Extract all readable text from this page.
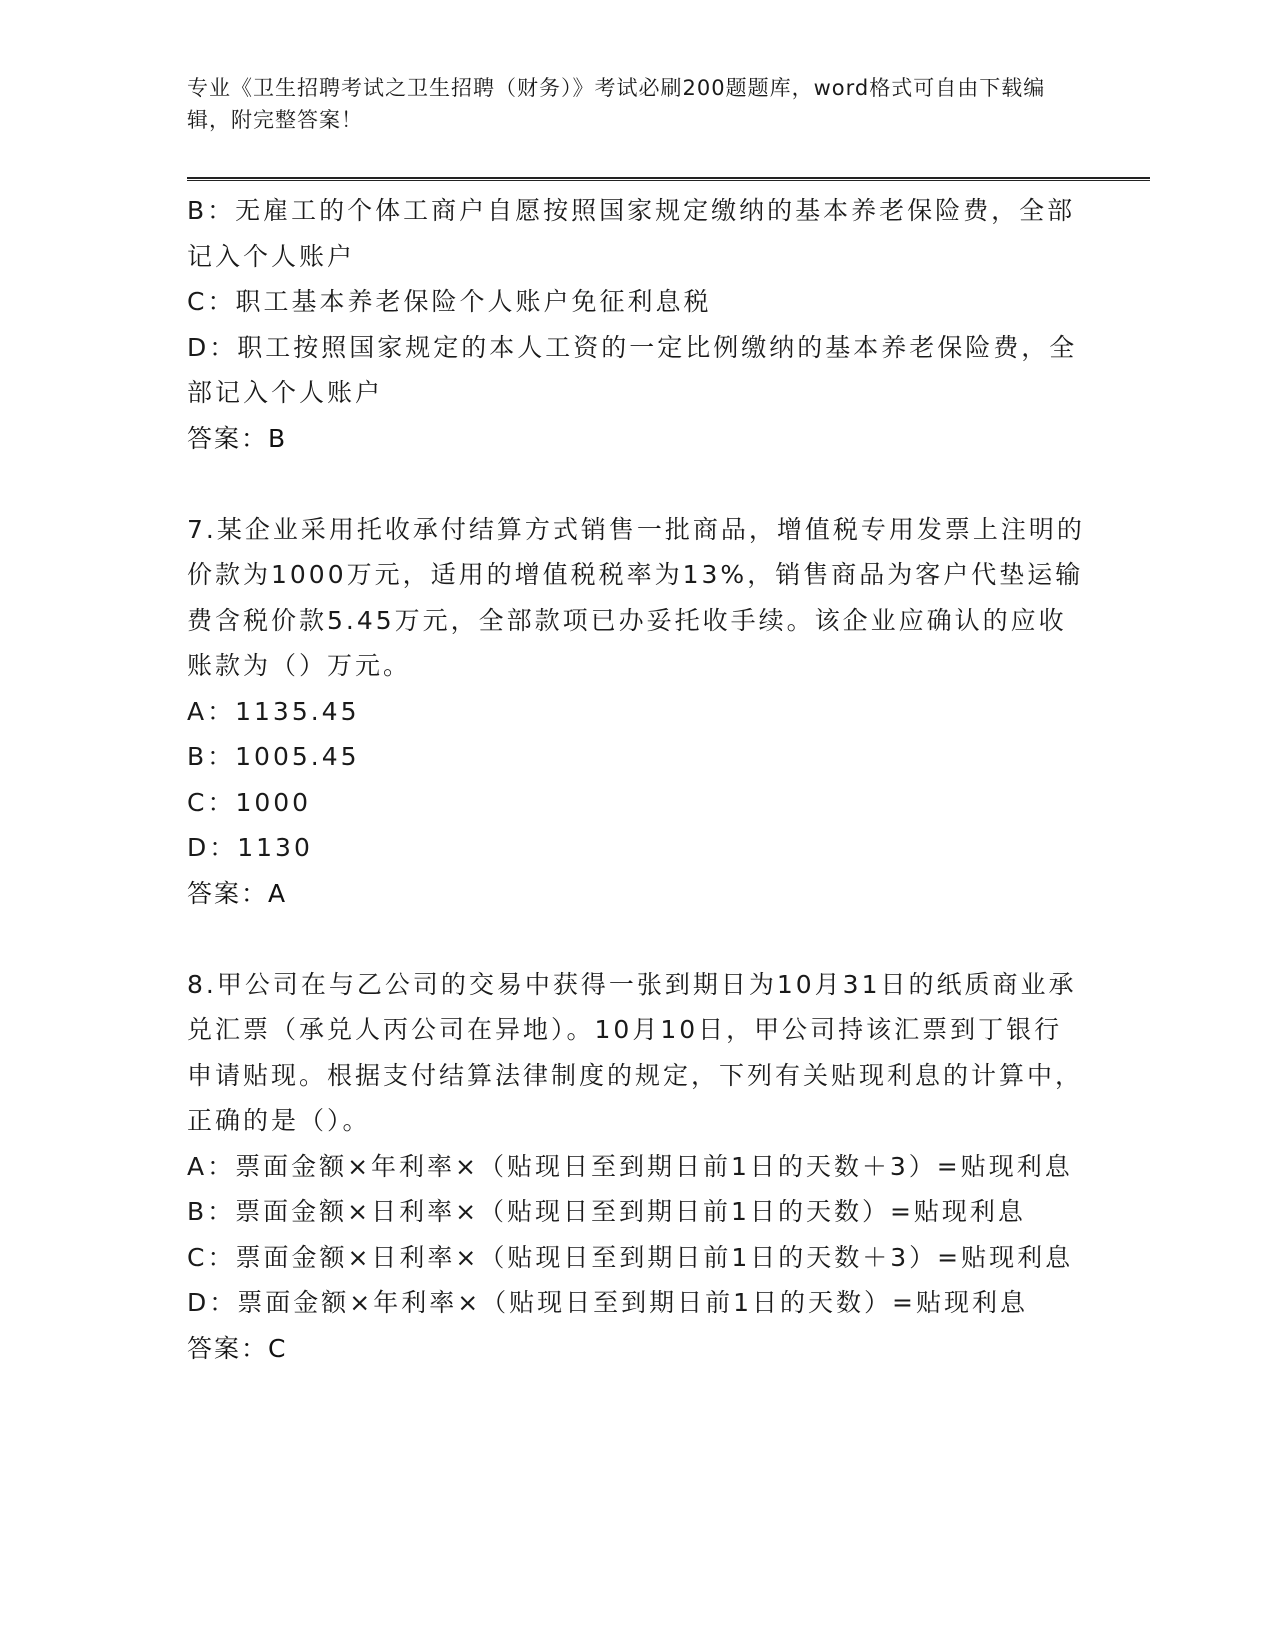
专业《卫生招聘考试之卫生招聘（财务）》考试必刷200题题库，word格式可自由下载编辑，附完整答案！
B：无雇工的个体工商户自愿按照国家规定缴纳的基本养老保险费，全部记入个人账户
C：职工基本养老保险个人账户免征利息税
D：职工按照国家规定的本人工资的一定比例缴纳的基本养老保险费，全部记入个人账户
答案：B
7.某企业采用托收承付结算方式销售一批商品，增值税专用发票上注明的价款为1000万元，适用的增值税税率为13%，销售商品为客户代垫运输费含税价款5.45万元，全部款项已办妥托收手续。该企业应确认的应收账款为（）万元。
A：1135.45
B：1005.45
C：1000
D：1130
答案：A
8.甲公司在与乙公司的交易中获得一张到期日为10月31日的纸质商业承兑汇票（承兑人丙公司在异地）。10月10日，甲公司持该汇票到丁银行申请贴现。根据支付结算法律制度的规定，下列有关贴现利息的计算中，正确的是（）。
A：票面金额×年利率×（贴现日至到期日前1日的天数＋3）=贴现利息
B：票面金额×日利率×（贴现日至到期日前1日的天数）=贴现利息
C：票面金额×日利率×（贴现日至到期日前1日的天数＋3）=贴现利息
D：票面金额×年利率×（贴现日至到期日前1日的天数）=贴现利息
答案：C
